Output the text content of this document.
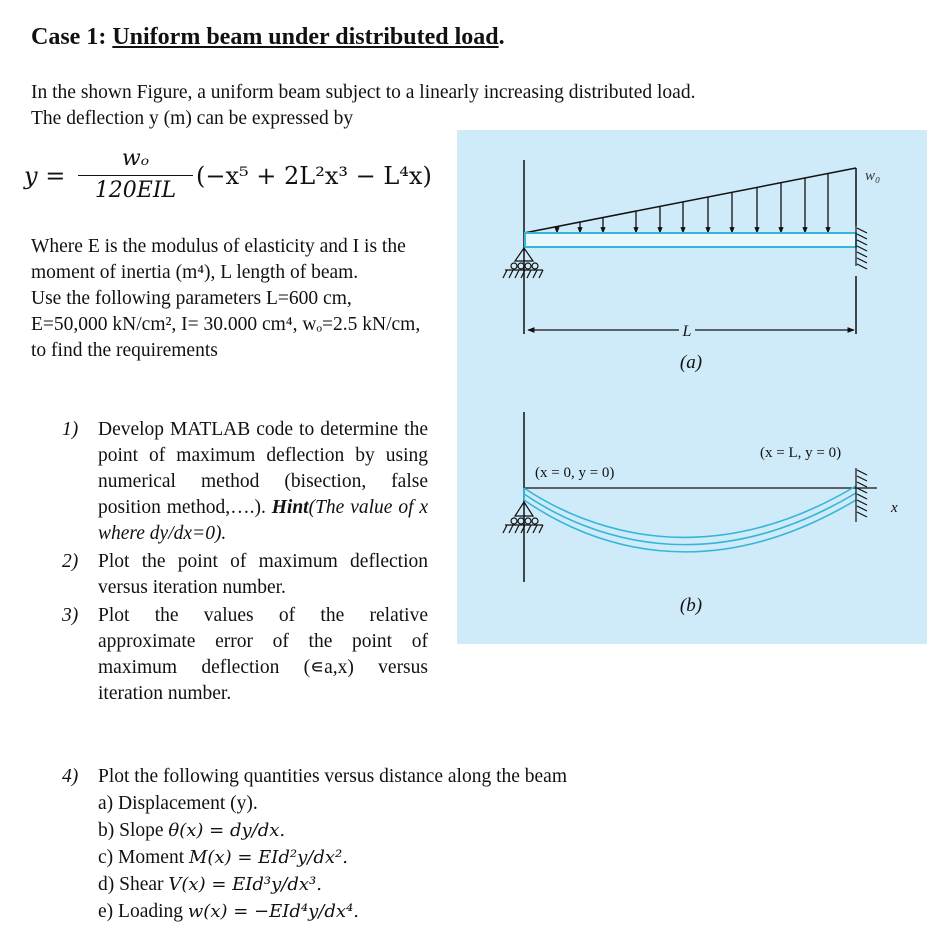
Case 1: Uniform beam under distributed load.
In the shown Figure, a uniform beam subject to a linearly increasing distributed load.
The deflection y (m) can be expressed by
y =
wₒ
120EIL
(−x⁵ + 2L²x³ − L⁴x)
Where E is the modulus of elasticity and I is the moment of inertia (m⁴), L length of beam.
Use the following parameters L=600 cm, E=50,000 kN/cm², I= 30.000 cm⁴, wₒ=2.5 kN/cm, to find the requirements
1) Develop MATLAB code to determine the point of maximum deflection by using numerical method (bisection, false position method,….). Hint(The value of x where dy/dx=0).
2) Plot the point of maximum deflection versus iteration number.
3) Plot the values of the relative approximate error of the point of maximum deflection (∊a,x) versus iteration number.
4) Plot the following quantities versus distance along the beam
a) Displacement (y).
b) Slope θ(x) = dy/dx.
c) Moment M(x) = EId²y/dx².
d) Shear V(x) = EId³y/dx³.
e) Loading w(x) = −EId⁴y/dx⁴.
w₀
L
(a)
(x = 0, y = 0)
(x = L, y = 0)
x
(b)
